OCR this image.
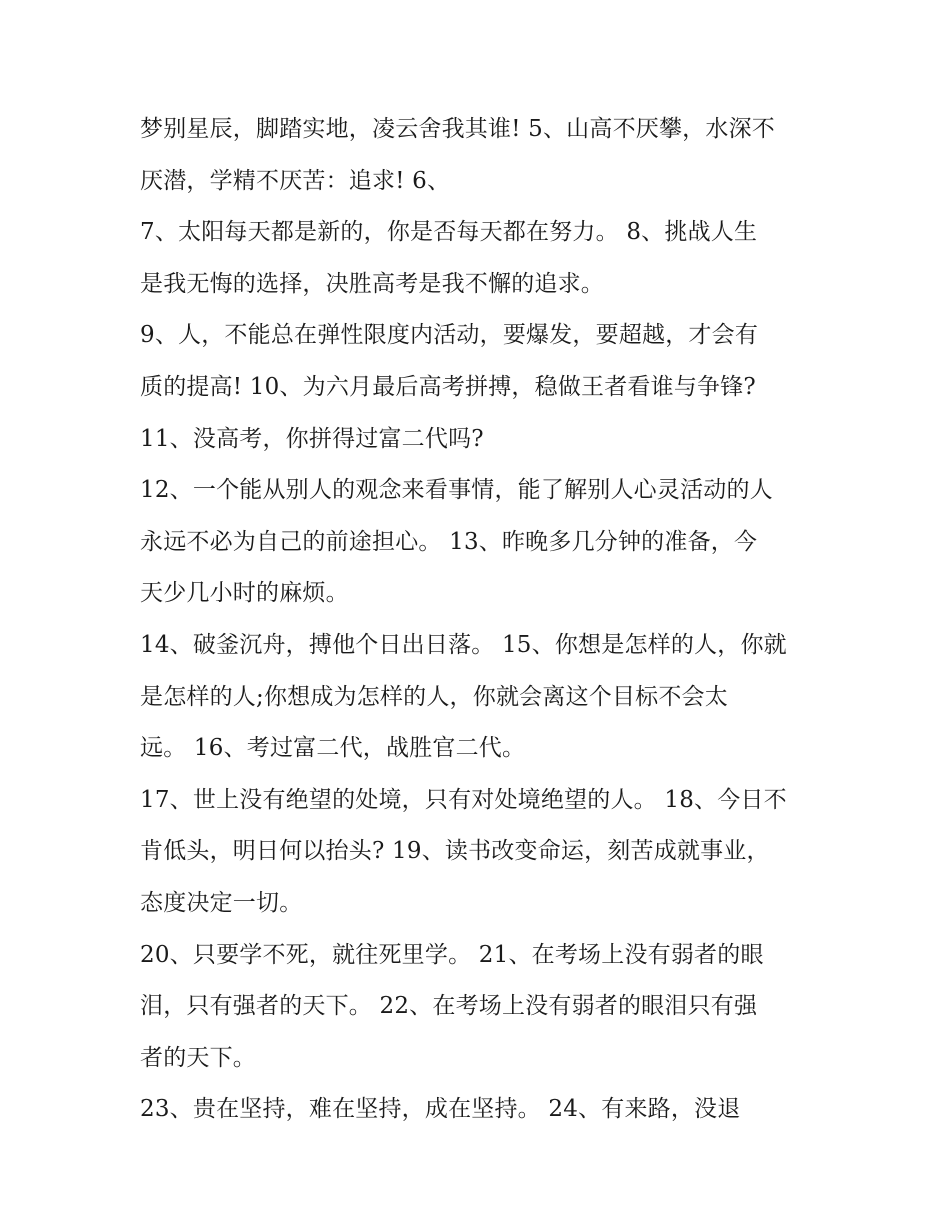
梦别星辰，脚踏实地，凌云舍我其谁! 5、山高不厌攀，水深不
厌潜，学精不厌苦：追求! 6、
7、太阳每天都是新的，你是否每天都在努力。 8、挑战人生
是我无悔的选择，决胜高考是我不懈的追求。
9、人，不能总在弹性限度内活动，要爆发，要超越，才会有
质的提高! 10、为六月最后高考拼搏，稳做王者看谁与争锋?
11、没高考，你拼得过富二代吗?
12、一个能从别人的观念来看事情，能了解别人心灵活动的人
永远不必为自己的前途担心。 13、昨晚多几分钟的准备，今
天少几小时的麻烦。
14、破釜沉舟，搏他个日出日落。 15、你想是怎样的人，你就
是怎样的人;你想成为怎样的人，你就会离这个目标不会太
远。 16、考过富二代，战胜官二代。
17、世上没有绝望的处境，只有对处境绝望的人。 18、今日不
肯低头，明日何以抬头? 19、读书改变命运，刻苦成就事业，
态度决定一切。
20、只要学不死，就往死里学。 21、在考场上没有弱者的眼
泪，只有强者的天下。 22、在考场上没有弱者的眼泪只有强
者的天下。
23、贵在坚持，难在坚持，成在坚持。 24、有来路，没退
